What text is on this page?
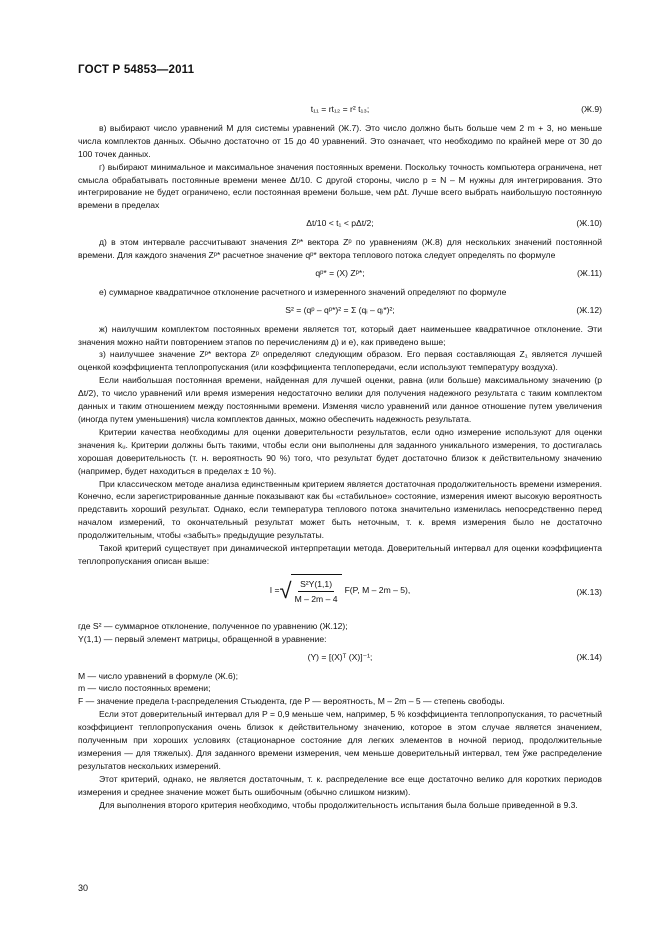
ГОСТ Р 54853—2011
t₁₁ = rt₁₂ = r² t₁₃;	(Ж.9)

в) выбирают число уравнений M для системы уравнений (Ж.7). Это число должно быть больше чем 2 m + 3, но меньше числа комплектов данных. Обычно достаточно от 15 до 40 уравнений. Это означает, что необходимо по крайней мере от 30 до 100 точек данных.

г) выбирают минимальное и максимальное значения постоянных времени. Поскольку точность компьютера ограничена, нет смысла обрабатывать постоянные времени менее Δt/10. С другой стороны, число p = N – M нужны для интегрирования. Это интегрирование не будет ограничено, если постоянная времени больше, чем pΔt. Лучше всего выбрать наибольшую постоянную времени в пределах

Δt/10 < t₁ < pΔt/2;	(Ж.10)

д) в этом интервале рассчитывают значения Zᵖ* вектора Zᵖ по уравнениям (Ж.8) для нескольких значений постоянной времени. Для каждого значения Zᵖ* расчетное значение qᵖ* вектора теплового потока следует определять по формуле

qᵖ* = (X) Zᵖ*;	(Ж.11)

е) суммарное квадратичное отклонение расчетного и измеренного значений определяют по формуле

S² = (qᵖ – qᵖ*)² = Σ (qᵢ – qᵢ*)²;	(Ж.12)

ж) наилучшим комплектом постоянных времени является тот, который дает наименьшее квадратичное отклонение. Эти значения можно найти повторением этапов по перечислениям д) и е), как приведено выше;

з) наилучшее значение Zᵖ* вектора Zᵖ определяют следующим образом. Его первая составляющая Z₁ является лучшей оценкой коэффициента теплопропускания (или коэффициента теплопередачи, если используют температуру воздуха).

Если наибольшая постоянная времени, найденная для лучшей оценки, равна (или больше) максимальному значению (p Δt/2), то число уравнений или время измерения недостаточно велики для получения надежного результата с таким комплектом данных и таким отношением между постоянными времени. Изменяя число уравнений или данное отношение путем увеличения (иногда путем уменьшения) числа комплектов данных, можно обеспечить надежность результата.

Критерии качества необходимы для оценки доверительности результатов, если одно измерение используют для оценки значения kᵤ. Критерии должны быть такими, чтобы если они выполнены для заданного уникального измерения, то достигалась хорошая доверительность (т. н. вероятность 90 %) того, что результат будет достаточно близок к действительному значению (например, будет находиться в пределах ± 10 %).

При классическом методе анализа единственным критерием является достаточная продолжительность времени измерения. Конечно, если зарегистрированные данные показывают как бы «стабильное» состояние, измерения имеют высокую вероятность представить хороший результат. Однако, если температура теплового потока значительно изменилась непосредственно перед началом измерений, то окончательный результат может быть неточным, т. к. время измерения было не достаточно продолжительным, чтобы «забыть» предыдущие результаты.

Такой критерий существует при динамической интерпретации метода. Доверительный интервал для оценки коэффициента теплопропускания описан выше:

I = √ $\frac{\text{S²Y(1,1)}}{M - 2m - 4} F(P$, M – 2m – 5),	(Ж.13)

где S² — суммарное отклонение, полученное по уравнению (Ж.12);

Y(1,1) — первый элемент матрицы, обращенной в уравнение:

(Y) = [(X)ᵀ (X)]⁻¹;	(Ж.14)

M — число уравнений в формуле (Ж.6);

m — число постоянных времени;

F — значение предела t-распределения Стьюдента, где P — вероятность, M – 2m – 5 — степень свободы.

Если этот доверительный интервал для P = 0,9 меньше чем, например, 5 % коэффициента теплопропускания, то расчетный коэффициент теплопропускания очень близок к действительному значению, которое в этом случае является значением, полученным при хороших условиях (стационарное состояние для легких элементов в ночной период, продолжительные измерения — для тяжелых). Для заданного времени измерения, чем меньше доверительный интервал, тем ўже распределение результатов нескольких измерений.

Этот критерий, однако, не является достаточным, т. к. распределение все еще достаточно велико для коротких периодов измерения и среднее значение может быть ошибочным (обычно слишком низким).

Для выполнения второго критерия необходимо, чтобы продолжительность испытания была больше приведенной в 9.3.

30
